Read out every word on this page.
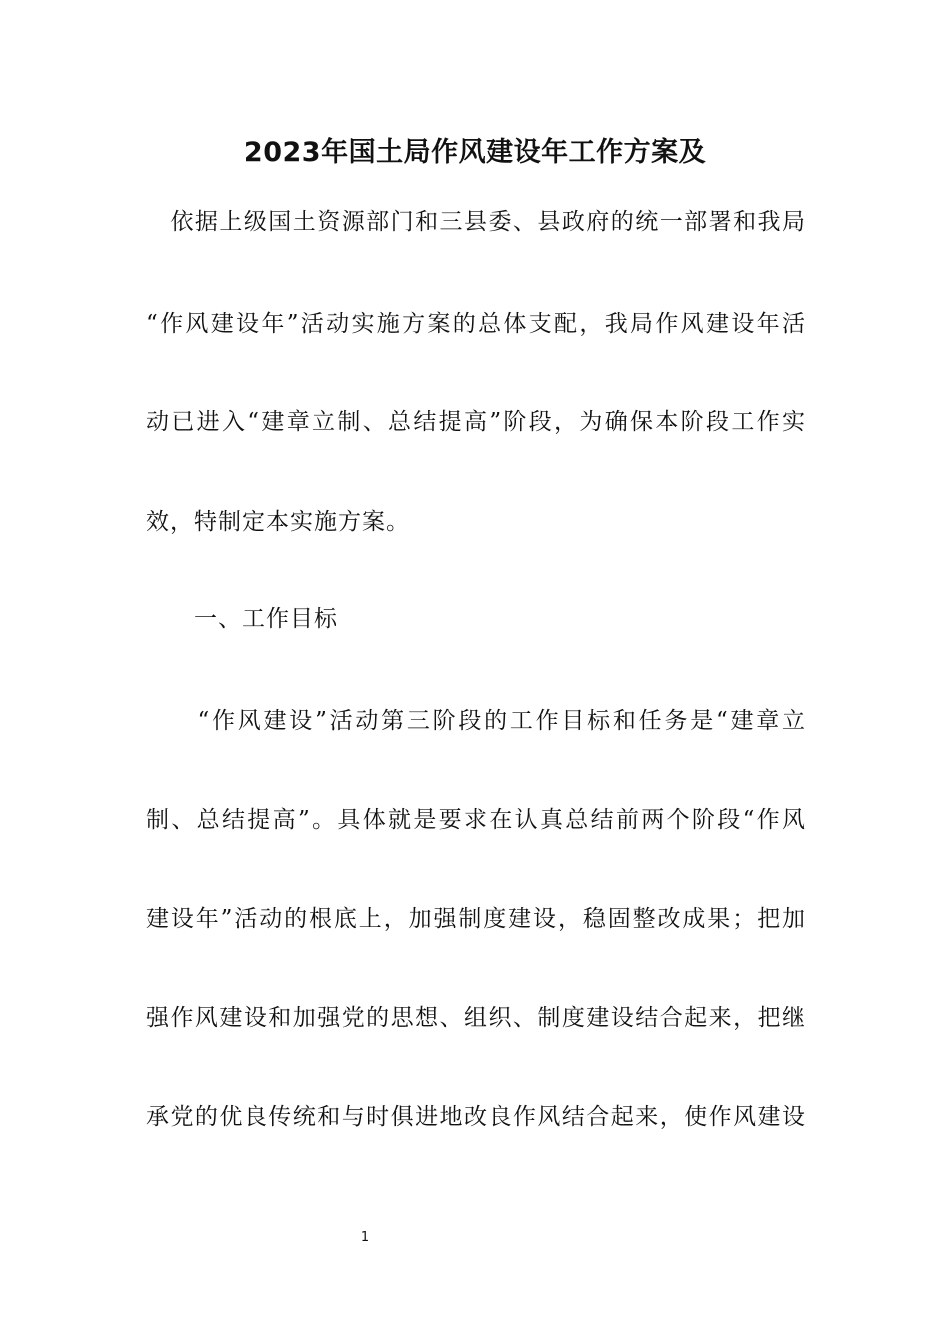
2023年国土局作风建设年工作方案及
　依据上级国土资源部门和三县委、县政府的统一部署和我局
“作风建设年”活动实施方案的总体支配，我局作风建设年活
动已进入“建章立制、总结提高”阶段，为确保本阶段工作实
效，特制定本实施方案。
　　一、工作目标
　　“作风建设”活动第三阶段的工作目标和任务是“建章立
制、总结提高”。具体就是要求在认真总结前两个阶段“作风
建设年”活动的根底上，加强制度建设，稳固整改成果；把加
强作风建设和加强党的思想、组织、制度建设结合起来，把继
承党的优良传统和与时俱进地改良作风结合起来，使作风建设
1
